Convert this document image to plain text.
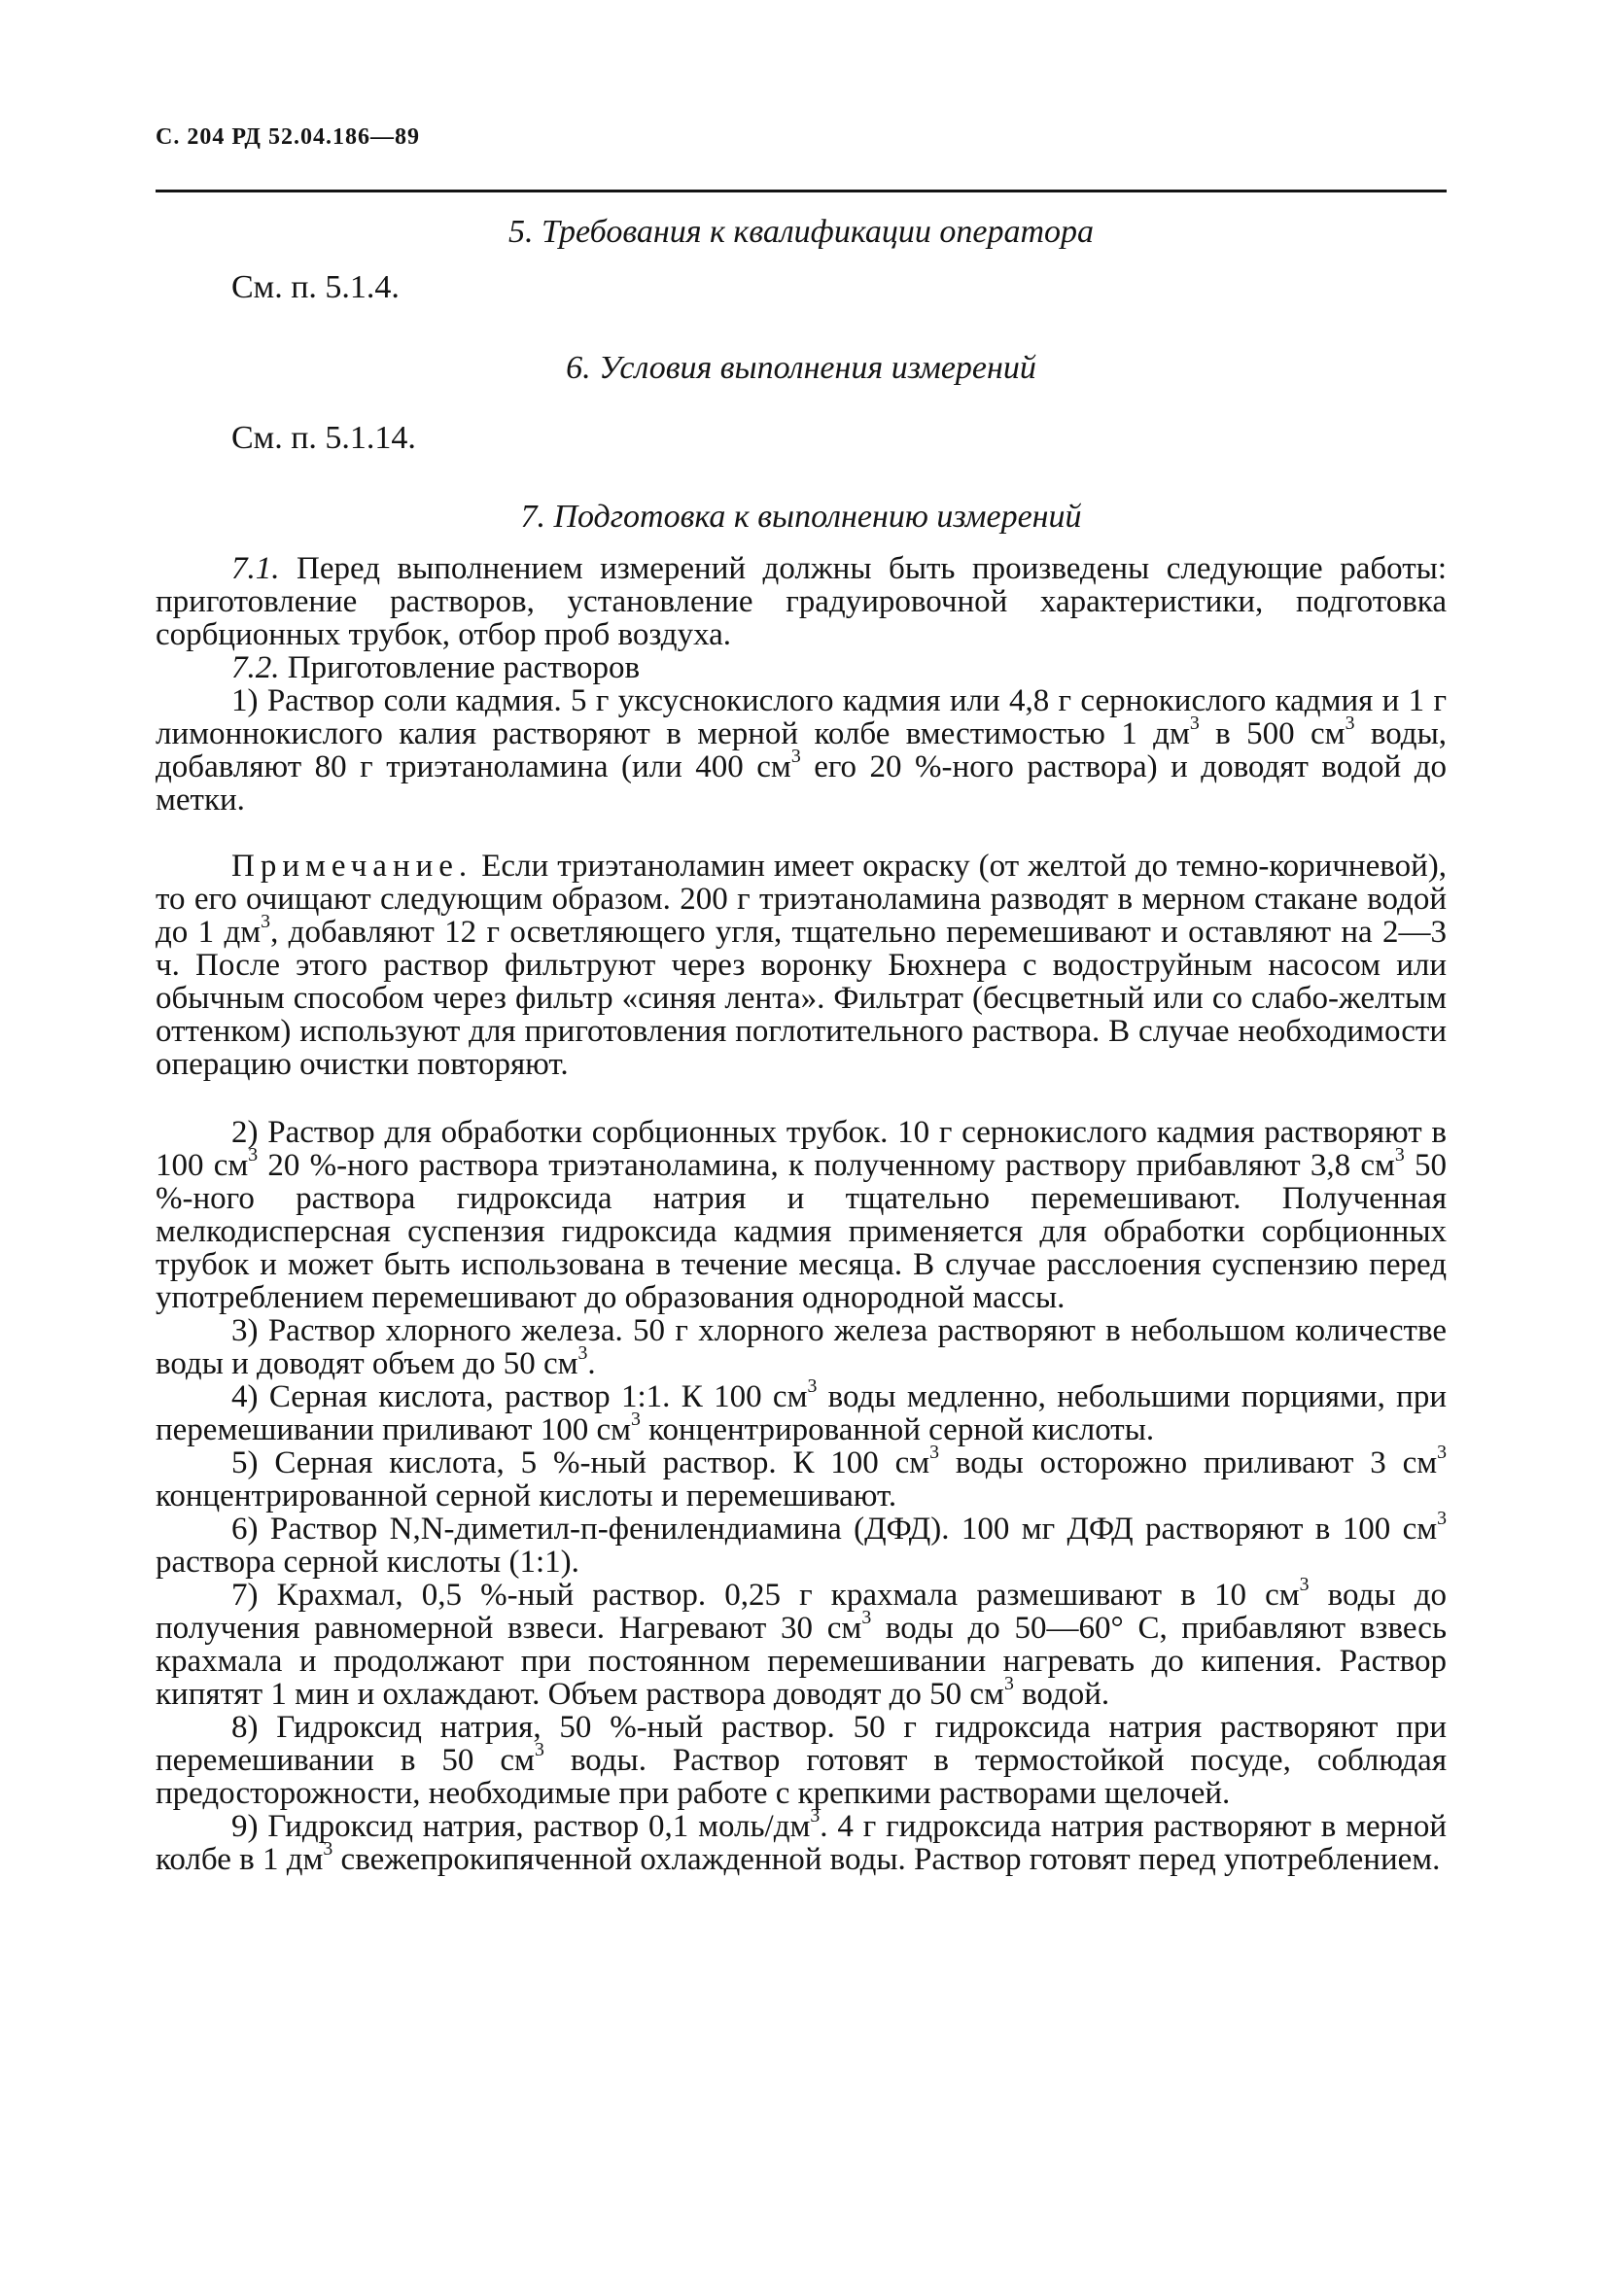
С. 204 РД 52.04.186—89
5. Требования к квалификации оператора
См. п. 5.1.4.
6. Условия выполнения измерений
См. п. 5.1.14.
7. Подготовка к выполнению измерений

7.1. Перед выполнением измерений должны быть произведены следующие работы: приготовление растворов, установление градуировочной характеристики, подготовка сорбционных трубок, отбор проб воздуха.

7.2. Приготовление растворов

1) Раствор соли кадмия. 5 г уксуснокислого кадмия или 4,8 г сернокислого кадмия и 1 г лимоннокислого калия растворяют в мерной колбе вместимостью 1 $дм^3$ в 500 $см^3$ воды, добавляют 80 г триэтаноламина (или 400 $см^3$ его 20 %-ного раствора) и доводят водой до метки.

Примечание. Если триэтаноламин имеет окраску (от желтой до темно-коричневой), то его очищают следующим образом. 200 г триэтаноламина разводят в мерном стакане водой до 1 $дм^3$, добавляют 12 г осветляющего угля, тщательно перемешивают и оставляют на 2—3 ч. После этого раствор фильтруют через воронку Бюхнера с водоструйным насосом или обычным способом через фильтр «синяя лента». Фильтрат (бесцветный или со слабо-желтым оттенком) используют для приготовления поглотительного раствора. В случае необходимости операцию очистки повторяют.

2) Раствор для обработки сорбционных трубок. 10 г сернокислого кадмия растворяют в 100 $см^3$ 20 %-ного раствора триэтаноламина, к полученному раствору прибавляют 3,8 $см^3$ 50 %-ного раствора гидроксида натрия и тщательно перемешивают. Полученная мелкодисперсная суспензия гидроксида кадмия применяется для обработки сорбционных трубок и может быть использована в течение месяца. В случае расслоения суспензию перед употреблением перемешивают до образования однородной массы.

3) Раствор хлорного железа. 50 г хлорного железа растворяют в небольшом количестве воды и доводят объем до 50 $см^3$.

4) Серная кислота, раствор 1:1. К 100 $см^3$ воды медленно, небольшими порциями, при перемешивании приливают 100 $см^3$ концентрированной серной кислоты.

5) Серная кислота, 5 %-ный раствор. К 100 $см^3$ воды осторожно приливают 3 $см^3$ концентрированной серной кислоты и перемешивают.

6) Раствор N,N-диметил-п-фенилендиамина (ДФД). 100 мг ДФД растворяют в 100 $см^3$ раствора серной кислоты (1:1).

7) Крахмал, 0,5 %-ный раствор. 0,25 г крахмала размешивают в 10 $см^3$ воды до получения равномерной взвеси. Нагревают 30 $см^3$ воды до 50—60° С, прибавляют взвесь крахмала и продолжают при постоянном перемешивании нагревать до кипения. Раствор кипятят 1 мин и охлаждают. Объем раствора доводят до 50 $см^3$ водой.

8) Гидроксид натрия, 50 %-ный раствор. 50 г гидроксида натрия растворяют при перемешивании в 50 $см^3$ воды. Раствор готовят в термостойкой посуде, соблюдая предосторожности, необходимые при работе с крепкими растворами щелочей.

9) Гидроксид натрия, раствор 0,1 моль/$дм^3$. 4 г гидроксида натрия растворяют в мерной колбе в 1 $дм^3$ свежепрокипяченной охлажденной воды. Раствор готовят перед употреблением.
